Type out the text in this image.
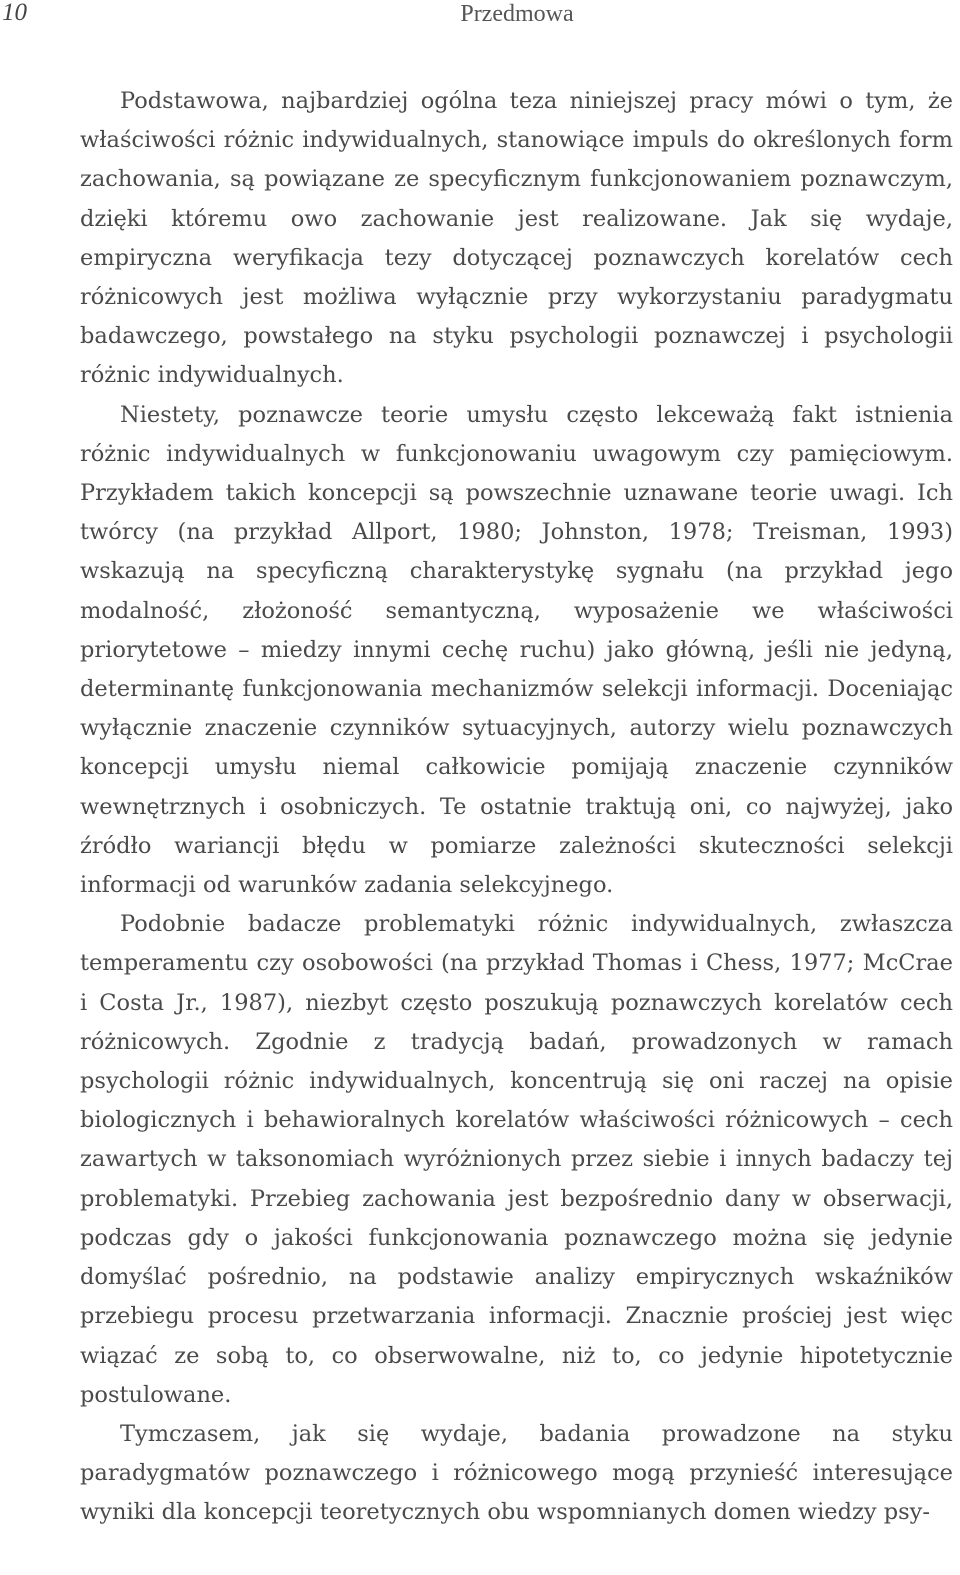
10	Przedmowa

Podstawowa, najbardziej ogólna teza niniejszej pracy mówi o tym, że właściwości różnic indywidualnych, stanowiące impuls do określonych form zachowania, są powiązane ze specyficznym funkcjonowaniem poznawczym, dzięki któremu owo zachowanie jest realizowane. Jak się wydaje, empiryczna weryfikacja tezy dotyczącej poznawczych korelatów cech różnicowych jest możliwa wyłącznie przy wykorzystaniu paradygmatu badawczego, powstałego na styku psychologii poznawczej i psychologii różnic indywidualnych.

Niestety, poznawcze teorie umysłu często lekceważą fakt istnienia różnic indywidualnych w funkcjonowaniu uwagowym czy pamięciowym. Przykładem takich koncepcji są powszechnie uznawane teorie uwagi. Ich twórcy (na przykład Allport, 1980; Johnston, 1978; Treisman, 1993) wskazują na specyficzną charakterystykę sygnału (na przykład jego modalność, złożoność semantyczną, wyposażenie we właściwości priorytetowe – miedzy innymi cechę ruchu) jako główną, jeśli nie jedyną, determinantę funkcjonowania mechanizmów selekcji informacji. Doceniając wyłącznie znaczenie czynników sytuacyjnych, autorzy wielu poznawczych koncepcji umysłu niemal całkowicie pomijają znaczenie czynników wewnętrznych i osobniczych. Te ostatnie traktują oni, co najwyżej, jako źródło wariancji błędu w pomiarze zależności skuteczności selekcji informacji od warunków zadania selekcyjnego.

Podobnie badacze problematyki różnic indywidualnych, zwłaszcza temperamentu czy osobowości (na przykład Thomas i Chess, 1977; McCrae i Costa Jr., 1987), niezbyt często poszukują poznawczych korelatów cech różnicowych. Zgodnie z tradycją badań, prowadzonych w ramach psychologii różnic indywidualnych, koncentrują się oni raczej na opisie biologicznych i behawioralnych korelatów właściwości różnicowych – cech zawartych w taksonomiach wyróżnionych przez siebie i innych badaczy tej problematyki. Przebieg zachowania jest bezpośrednio dany w obserwacji, podczas gdy o jakości funkcjonowania poznawczego można się jedynie domyślać pośrednio, na podstawie analizy empirycznych wskaźników przebiegu procesu przetwarzania informacji. Znacznie prościej jest więc wiązać ze sobą to, co obserwowalne, niż to, co jedynie hipotetycznie postulowane.

Tymczasem, jak się wydaje, badania prowadzone na styku paradygmatów poznawczego i różnicowego mogą przynieść interesujące wyniki dla koncepcji teoretycznych obu wspomnianych domen wiedzy psy-
